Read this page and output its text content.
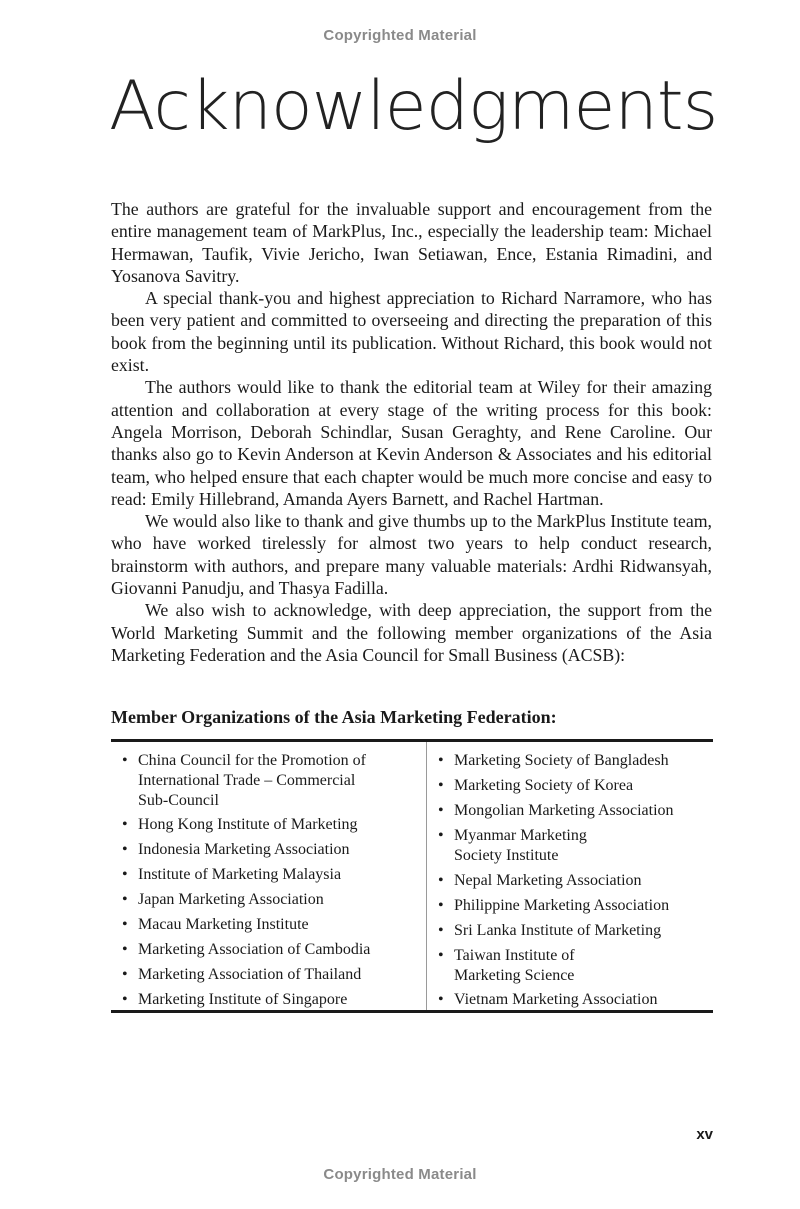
Copyrighted Material
Acknowledgments

The authors are grateful for the invaluable support and encouragement from the entire management team of MarkPlus, Inc., especially the leadership team: Michael Hermawan, Taufik, Vivie Jericho, Iwan Setiawan, Ence, Estania Rimadini, and Yosanova Savitry.

A special thank-you and highest appreciation to Richard Narramore, who has been very patient and committed to overseeing and directing the preparation of this book from the beginning until its publication. Without Richard, this book would not exist.

The authors would like to thank the editorial team at Wiley for their amazing attention and collaboration at every stage of the writing process for this book: Angela Morrison, Deborah Schindlar, Susan Geraghty, and Rene Caroline. Our thanks also go to Kevin Anderson at Kevin Anderson & Associates and his editorial team, who helped ensure that each chapter would be much more concise and easy to read: Emily Hillebrand, Amanda Ayers Barnett, and Rachel Hartman.

We would also like to thank and give thumbs up to the MarkPlus Institute team, who have worked tirelessly for almost two years to help conduct research, brainstorm with authors, and prepare many valuable materials: Ardhi Ridwansyah, Giovanni Panudju, and Thasya Fadilla.

We also wish to acknowledge, with deep appreciation, the support from the World Marketing Summit and the following member organizations of the Asia Marketing Federation and the Asia Council for Small Business (ACSB):

Member Organizations of the Asia Marketing Federation:
• China Council for the Promotion of
International Trade – Commercial
Sub-Council
• Hong Kong Institute of Marketing
• Indonesia Marketing Association
• Institute of Marketing Malaysia
• Japan Marketing Association
• Macau Marketing Institute
• Marketing Association of Cambodia
• Marketing Association of Thailand
• Marketing Institute of Singapore
• Marketing Society of Bangladesh
• Marketing Society of Korea
• Mongolian Marketing Association
• Myanmar Marketing
Society Institute
• Nepal Marketing Association
• Philippine Marketing Association
• Sri Lanka Institute of Marketing
• Taiwan Institute of
Marketing Science
• Vietnam Marketing Association
xv
Copyrighted Material
